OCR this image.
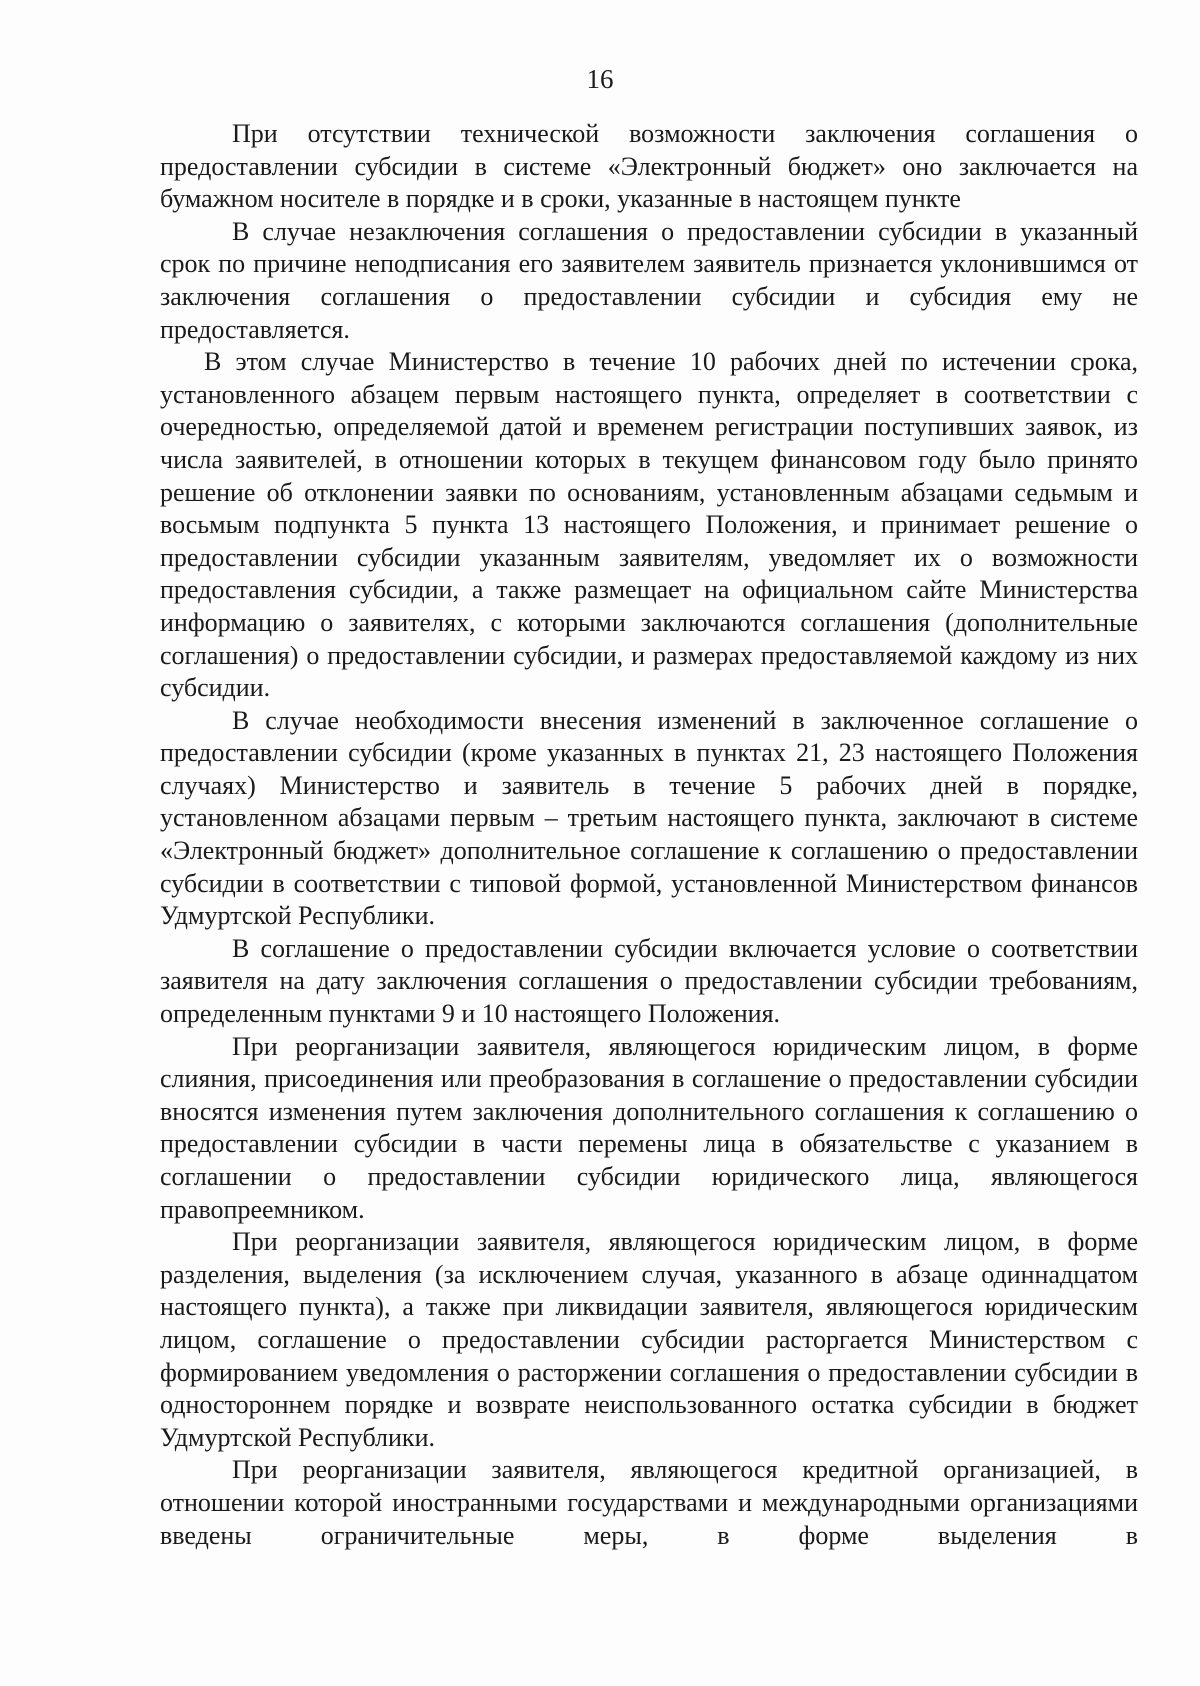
16

При отсутствии технической возможности заключения соглашения о предоставлении субсидии в системе «Электронный бюджет» оно заключается на бумажном носителе в порядке и в сроки, указанные в настоящем пункте

В случае незаключения соглашения о предоставлении субсидии в указанный срок по причине неподписания его заявителем заявитель признается уклонившимся от заключения соглашения о предоставлении субсидии и субсидия ему не предоставляется.

В этом случае Министерство в течение 10 рабочих дней по истечении срока, установленного абзацем первым настоящего пункта, определяет в соответствии с очередностью, определяемой датой и временем регистрации поступивших заявок, из числа заявителей, в отношении которых в текущем финансовом году было принято решение об отклонении заявки по основаниям, установленным абзацами седьмым и восьмым подпункта 5 пункта 13 настоящего Положения, и принимает решение о предоставлении субсидии указанным заявителям, уведомляет их о возможности предоставления субсидии, а также размещает на официальном сайте Министерства информацию о заявителях, с которыми заключаются соглашения (дополнительные соглашения) о предоставлении субсидии, и размерах предоставляемой каждому из них субсидии.

В случае необходимости внесения изменений в заключенное соглашение о предоставлении субсидии (кроме указанных в пунктах 21, 23 настоящего Положения случаях) Министерство и заявитель в течение 5 рабочих дней в порядке, установленном абзацами первым – третьим настоящего пункта, заключают в системе «Электронный бюджет» дополнительное соглашение к соглашению о предоставлении субсидии в соответствии с типовой формой, установленной Министерством финансов Удмуртской Республики.

В соглашение о предоставлении субсидии включается условие о соответствии заявителя на дату заключения соглашения о предоставлении субсидии требованиям, определенным пунктами 9 и 10 настоящего Положения.

При реорганизации заявителя, являющегося юридическим лицом, в форме слияния, присоединения или преобразования в соглашение о предоставлении субсидии вносятся изменения путем заключения дополнительного соглашения к соглашению о предоставлении субсидии в части перемены лица в обязательстве с указанием в соглашении о предоставлении субсидии юридического лица, являющегося правопреемником.

При реорганизации заявителя, являющегося юридическим лицом, в форме разделения, выделения (за исключением случая, указанного в абзаце одиннадцатом настоящего пункта), а также при ликвидации заявителя, являющегося юридическим лицом, соглашение о предоставлении субсидии расторгается Министерством с формированием уведомления о расторжении соглашения о предоставлении субсидии в одностороннем порядке и возврате неиспользованного остатка субсидии в бюджет Удмуртской Республики.

При реорганизации заявителя, являющегося кредитной организацией, в отношении которой иностранными государствами и международными организациями введены ограничительные меры, в форме выделения в
